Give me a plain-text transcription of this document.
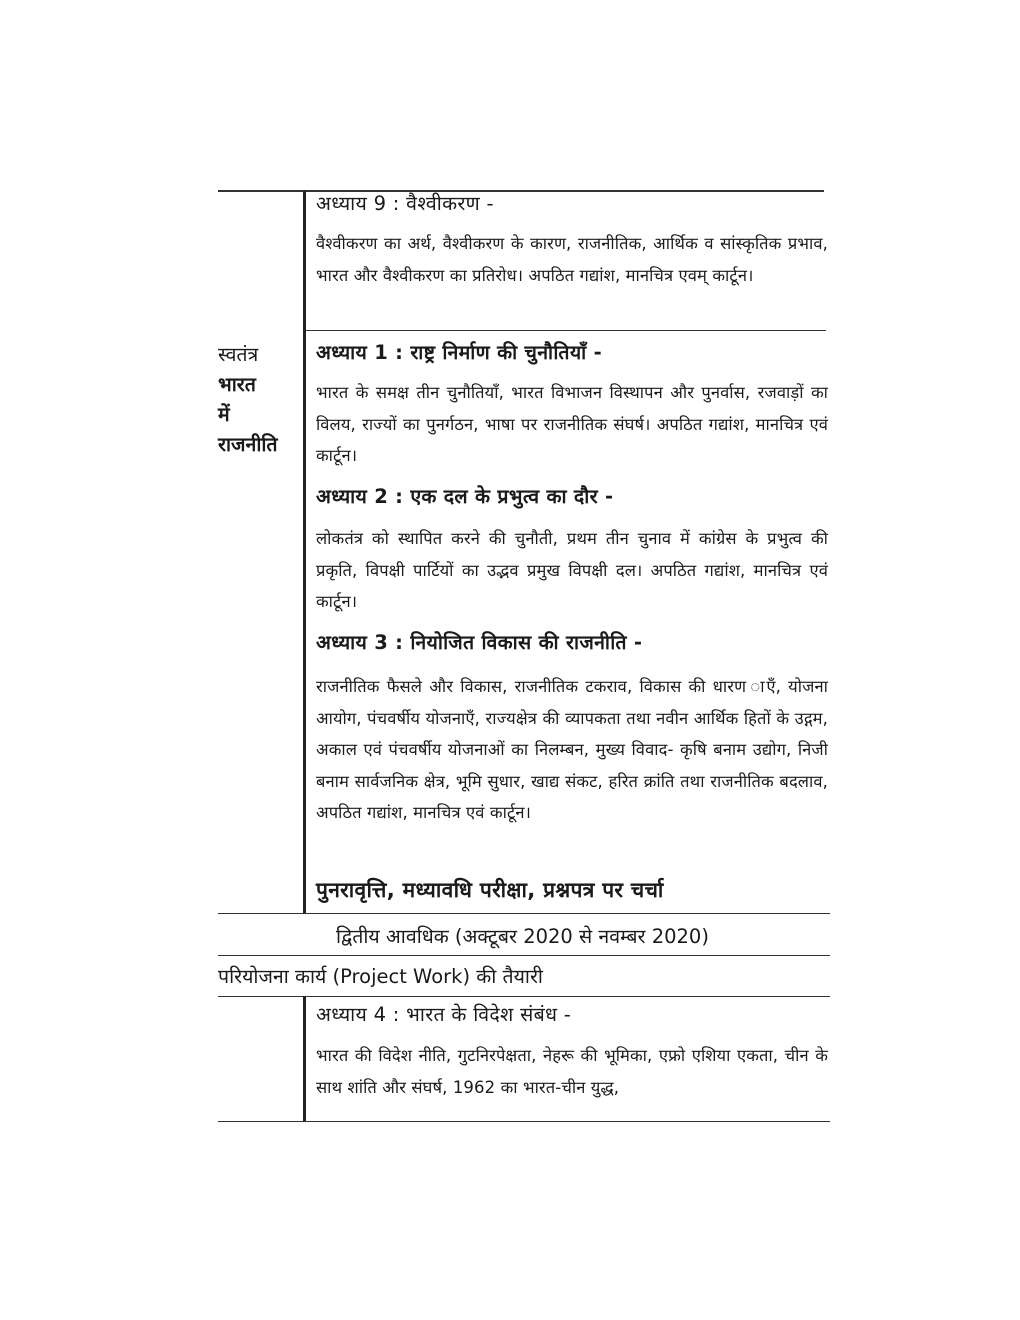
स्वतंत्र
भारत
में
राजनीति
अध्याय 9 : वैश्वीकरण -
वैश्वीकरण का अर्थ, वैश्वीकरण के कारण, राजनीतिक, आर्थिक व सांस्कृतिक प्रभाव, भारत और वैश्वीकरण का प्रतिरोध। अपठित गद्यांश, मानचित्र एवम् कार्टून।
अध्याय 1 : राष्ट्र निर्माण की चुनौतियाँ -
भारत के समक्ष तीन चुनौतियाँ, भारत विभाजन विस्थापन और पुनर्वास, रजवाड़ों का विलय, राज्यों का पुनर्गठन, भाषा पर राजनीतिक संघर्ष। अपठित गद्यांश, मानचित्र एवं कार्टून।
अध्याय 2 : एक दल के प्रभुत्व का दौर -
लोकतंत्र को स्थापित करने की चुनौती, प्रथम तीन चुनाव में कांग्रेस के प्रभुत्व की प्रकृति, विपक्षी पार्टियों का उद्भव प्रमुख विपक्षी दल। अपठित गद्यांश, मानचित्र एवं कार्टून।
अध्याय 3 : नियोजित विकास की राजनीति -
राजनीतिक फैसले और विकास, राजनीतिक टकराव, विकास की धारण ाएँ, योजना आयोग, पंचवर्षीय योजनाएँ, राज्यक्षेत्र की व्यापकता तथा नवीन आर्थिक हितों के उद्गम, अकाल एवं पंचवर्षीय योजनाओं का निलम्बन, मुख्य विवाद- कृषि बनाम उद्योग, निजी बनाम सार्वजनिक क्षेत्र, भूमि सुधार, खाद्य संकट, हरित क्रांति तथा राजनीतिक बदलाव, अपठित गद्यांश, मानचित्र एवं कार्टून।
पुनरावृत्ति, मध्यावधि परीक्षा, प्रश्नपत्र पर चर्चा
द्वितीय आवधिक (अक्टूबर 2020 से नवम्बर 2020)
परियोजना कार्य (Project Work) की तैयारी
अध्याय 4 : भारत के विदेश संबंध -
भारत की विदेश नीति, गुटनिरपेक्षता, नेहरू की भूमिका, एफ्रो एशिया एकता, चीन के साथ शांति और संघर्ष, 1962 का भारत-चीन युद्ध,
